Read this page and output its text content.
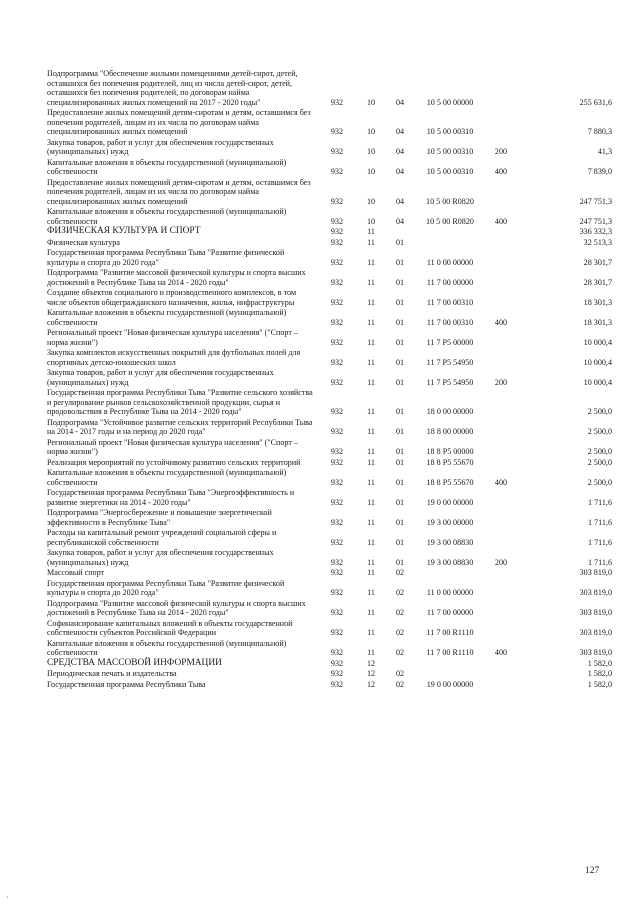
Подпрограмма "Обеспечение жилыми помещениями детей-сирот, детей, оставшихся без попечения родителей, лиц из числа детей-сирот, детей, оставшихся без попечения родителей, по договорам найма специализированных жилых помещений на 2017 - 2020 годы"	932	10	04	10 5 00 00000		255 631,6
Предоставление жилых помещений детям-сиротам и детям, оставшимся без попечения родителей, лицам из их числа по договорам найма специализированных жилых помещений	932	10	04	10 5 00 00310		7 880,3
Закупка товаров, работ и услуг для обеспечения государственных (муниципальных) нужд	932	10	04	10 5 00 00310	200	41,3
Капитальные вложения в объекты государственной (муниципальной) собственности	932	10	04	10 5 00 00310	400	7 839,0
Предоставление жилых помещений детям-сиротам и детям, оставшимся без попечения родителей, лицам из их числа по договорам найма специализированных жилых помещений	932	10	04	10 5 00 R0820		247 751,3
Капитальные вложения в объекты государственной (муниципальной) собственности	932	10	04	10 5 00 R0820	400	247 751,3
ФИЗИЧЕСКАЯ КУЛЬТУРА И СПОРТ	932	11				336 332,3
Физическая культура	932	11	01			32 513,3
Государственная программа Республики Тыва "Развитие физической культуры и спорта до 2020 года"	932	11	01	11 0 00 00000		28 301,7
Подпрограмма "Развитие массовой физической культуры и спорта высших достижений в Республике Тыва на 2014 - 2020 годы"	932	11	01	11 7 00 00000		28 301,7
Создание объектов социального и производственного комплексов, в том числе объектов общегражданского назначения, жилья, инфраструктуры	932	11	01	11 7 00 00310		18 301,3
Капитальные вложения в объекты государственной (муниципальной) собственности	932	11	01	11 7 00 00310	400	18 301,3
Региональный проект "Новая физическая культура населения" ("Спорт –норма жизни")	932	11	01	11 7 P5 00000		10 000,4
Закупка комплектов искусственных покрытий для футбольных полей для спортивных детско-юношеских школ	932	11	01	11 7 P5 54950		10 000,4
Закупка товаров, работ и услуг для обеспечения государственных (муниципальных) нужд	932	11	01	11 7 P5 54950	200	10 000,4
Государственная программа Республики Тыва "Развитие сельского хозяйства и регулирование рынков сельскохозяйственной продукции, сырья и продовольствия в Республике Тыва на 2014 - 2020 годы"	932	11	01	18 0 00 00000		2 500,0
Подпрограмма "Устойчивое развитие сельских территорий Республики Тыва на 2014 - 2017 годы и на период до 2020 года"	932	11	01	18 8 00 00000		2 500,0
Региональный проект "Новая физическая культура населения" ("Спорт –норма жизни")	932	11	01	18 8 P5 00000		2 500,0
Реализация мероприятий по устойчивому развитию сельских территорий	932	11	01	18 8 P5 55670		2 500,0
Капитальные вложения в объекты государственной (муниципальной) собственности	932	11	01	18 8 P5 55670	400	2 500,0
Государственная программа Республики Тыва "Энергоэффективность и развитие энергетики на 2014 - 2020 годы"	932	11	01	19 0 00 00000		1 711,6
Подпрограмма "Энергосбережение и повышение энергетической эффективности в Республике Тыва"	932	11	01	19 3 00 00000		1 711,6
Расходы на капитальный ремонт учреждений социальной сферы и республиканской собственности	932	11	01	19 3 00 08830		1 711,6
Закупка товаров, работ и услуг для обеспечения государственных (муниципальных) нужд	932	11	01	19 3 00 08830	200	1 711,6
Массовый спорт	932	11	02			303 819,0
Государственная программа Республики Тыва "Развитие физической культуры и спорта до 2020 года"	932	11	02	11 0 00 00000		303 819,0
Подпрограмма "Развитие массовой физической культуры и спорта высших достижений в Республике Тыва на 2014 - 2020 годы"	932	11	02	11 7 00 00000		303 819,0
Софинансирование капитальных вложений в объекты государственной собственности субъектов Российской Федерации	932	11	02	11 7 00 R1110		303 819,0
Капитальные вложения в объекты государственной (муниципальной) собственности	932	11	02	11 7 00 R1110	400	303 819,0
СРЕДСТВА МАССОВОЙ ИНФОРМАЦИИ	932	12				1 582,0
Периодическая печать и издательства	932	12	02			1 582,0
Государственная программа Республики Тыва	932	12	02	19 0 00 00000		1 582,0
127
·
